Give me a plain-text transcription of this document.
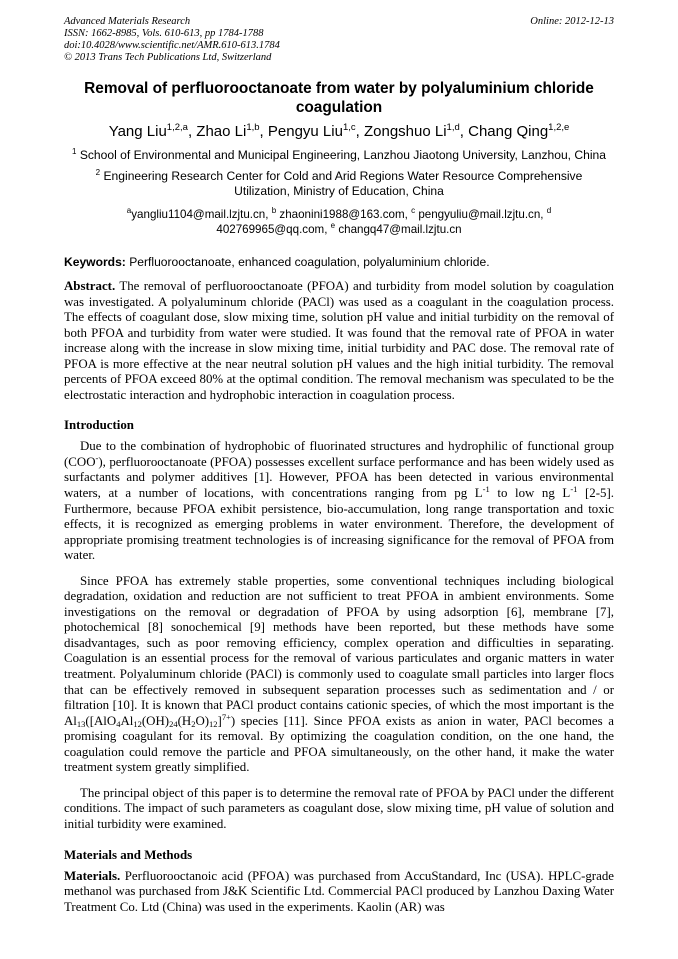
Advanced Materials Research
ISSN: 1662-8985, Vols. 610-613, pp 1784-1788
doi:10.4028/www.scientific.net/AMR.610-613.1784
© 2013 Trans Tech Publications Ltd, Switzerland
Online: 2012-12-13
Removal of perfluorooctanoate from water by polyaluminium chloride coagulation
Yang Liu$^{1,2,a}$, Zhao Li$^{1,b}$, Pengyu Liu$^{1,c}$, Zongshuo Li$^{1,d}$, Chang Qing$^{1,2,e}$
$^1$ School of Environmental and Municipal Engineering, Lanzhou Jiaotong University, Lanzhou, China
$^2$ Engineering Research Center for Cold and Arid Regions Water Resource Comprehensive Utilization, Ministry of Education, China
$^a$yangliu1104@mail.lzjtu.cn, $^b$ zhaonini1988@163.com, $^c$ pengyuliu@mail.lzjtu.cn, $^d$ 402769965@qq.com, $^e$ changq47@mail.lzjtu.cn
Keywords: Perfluorooctanoate, enhanced coagulation, polyaluminium chloride.

Abstract. The removal of perfluorooctanoate (PFOA) and turbidity from model solution by coagulation was investigated. A polyaluminum chloride (PACl) was used as a coagulant in the coagulation process. The effects of coagulant dose, slow mixing time, solution pH value and initial turbidity on the removal of both PFOA and turbidity from water were studied. It was found that the removal rate of PFOA in water increase along with the increase in slow mixing time, initial turbidity and PAC dose. The removal rate of PFOA is more effective at the near neutral solution pH values and the high initial turbidity. The removal percents of PFOA exceed 80% at the optimal condition. The removal mechanism was speculated to be the electrostatic interaction and hydrophobic interaction in coagulation process.

Introduction

Due to the combination of hydrophobic of fluorinated structures and hydrophilic of functional group (COO-), perfluorooctanoate (PFOA) possesses excellent surface performance and has been widely used as surfactants and polymer additives [1]. However, PFOA has been detected in various environmental waters, at a number of locations, with concentrations ranging from pg $L^{-1}$ to low ng $L^{-1}$ [2-5]. Furthermore, because PFOA exhibit persistence, bio-accumulation, long range transportation and toxic effects, it is recognized as emerging problems in water environment. Therefore, the development of appropriate promising treatment technologies is of increasing significance for the removal of PFOA from water.

Since PFOA has extremely stable properties, some conventional techniques including biological degradation, oxidation and reduction are not sufficient to treat PFOA in ambient environments. Some investigations on the removal or degradation of PFOA by using adsorption [6], membrane [7], photochemical [8] sonochemical [9] methods have been reported, but these methods have some disadvantages, such as poor removing efficiency, complex operation and difficulties in separating. Coagulation is an essential process for the removal of various particulates and organic matters in water treatment. Polyaluminum chloride (PACl) is commonly used to coagulate small particles into larger flocs that can be effectively removed in subsequent separation processes such as sedimentation and / or filtration [10]. It is known that PACl product contains cationic species, of which the most important is the $Al_{13}([AlO_4Al_{12}(OH)_{24}(H_2O)_{12}]^{7+})$ species [11]. Since PFOA exists as anion in water, PACl becomes a promising coagulant for its removal. By optimizing the coagulation condition, on the one hand, the coagulation could remove the particle and PFOA simultaneously, on the other hand, it make the water treatment system greatly simplified.

The principal object of this paper is to determine the removal rate of PFOA by PACl under the different conditions. The impact of such parameters as coagulant dose, slow mixing time, pH value of solution and initial turbidity were examined.

Materials and Methods

Materials. Perfluorooctanoic acid (PFOA) was purchased from AccuStandard, Inc (USA). HPLC-grade methanol was purchased from J&K Scientific Ltd. Commercial PACl produced by Lanzhou Daxing Water Treatment Co. Ltd (China) was used in the experiments. Kaolin (AR) was
